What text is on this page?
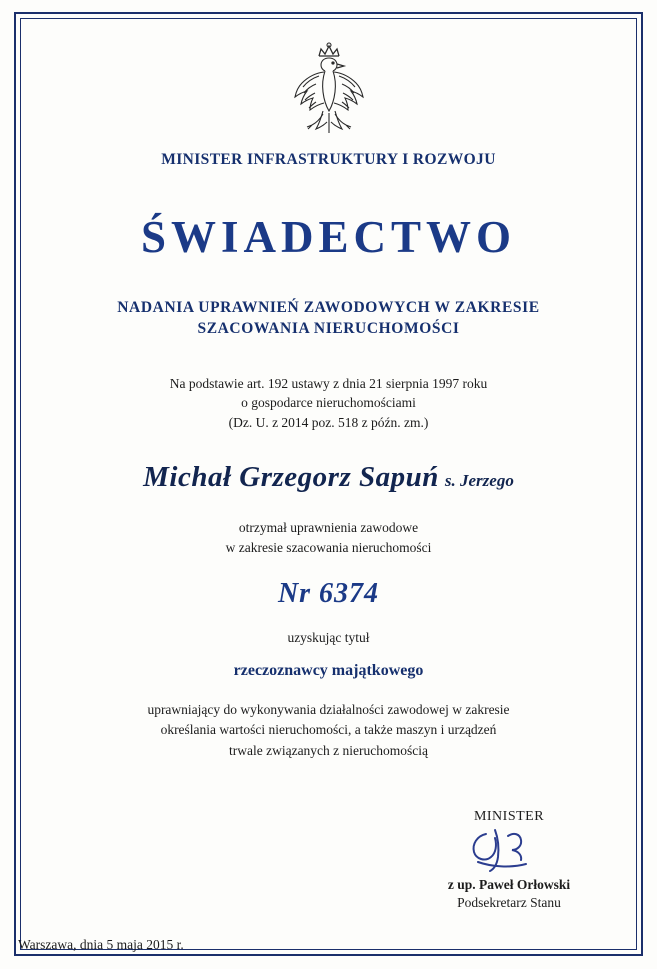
MINISTER INFRASTRUKTURY I ROZWOJU
ŚWIADECTWO
NADANIA UPRAWNIEŃ ZAWODOWYCH W ZAKRESIE
SZACOWANIA NIERUCHOMOŚCI
Na podstawie art. 192 ustawy z dnia 21 sierpnia 1997 roku
o gospodarce nieruchomościami
(Dz. U. z 2014 poz. 518 z późn. zm.)
Michał Grzegorz Sapuń s. Jerzego
otrzymał uprawnienia zawodowe
w zakresie szacowania nieruchomości
Nr 6374
uzyskując tytuł
rzeczoznawcy majątkowego
uprawniający do wykonywania działalności zawodowej w zakresie
określania wartości nieruchomości, a także maszyn i urządzeń
trwale związanych z nieruchomością
MINISTER
z up. Paweł Orłowski
Podsekretarz Stanu
Warszawa, dnia 5 maja 2015 r.
